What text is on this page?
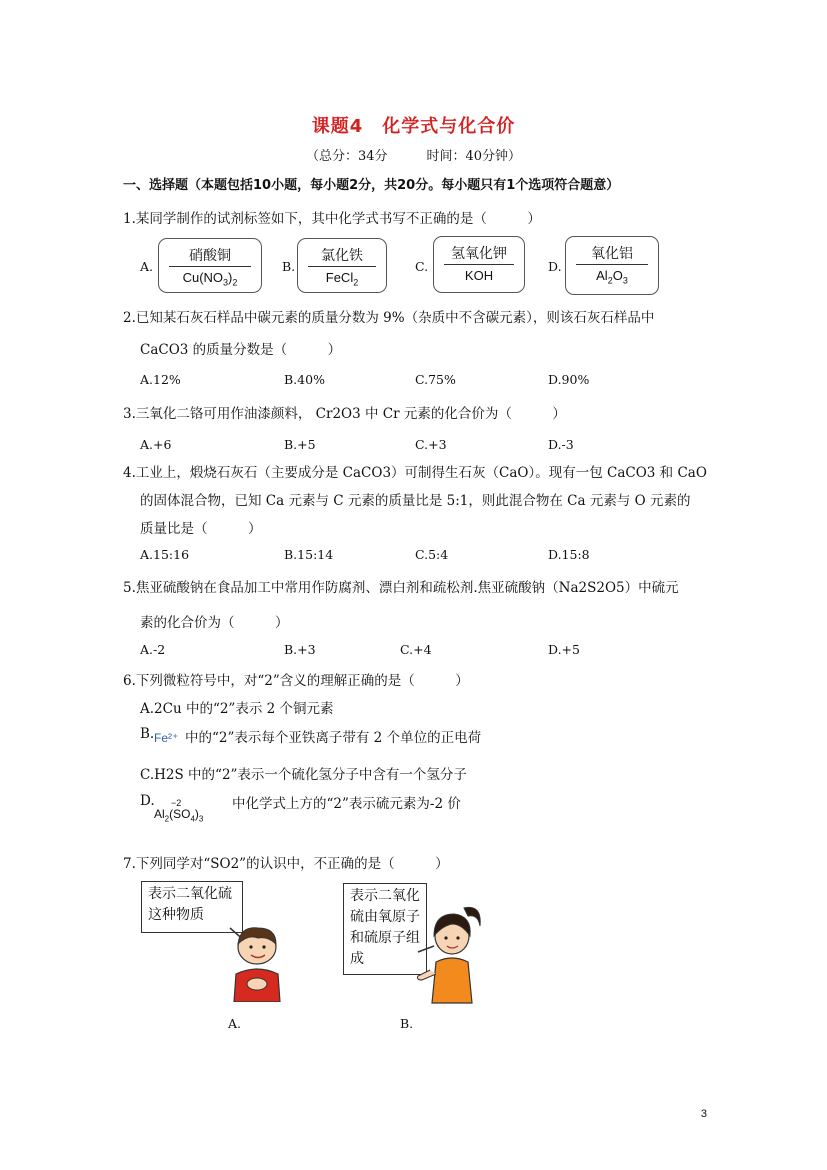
课题4　化学式与化合价
（总分：34分　　　时间：40分钟）
一、选择题（本题包括10小题，每小题2分，共20分。每小题只有1个选项符合题意）
1.某同学制作的试剂标签如下，其中化学式书写不正确的是（　　　）
A.
硝酸铜
$Cu(NO_3)_2$
B.
氯化铁
FeCl$_2$
C.
氢氧化钾
KOH
D.
氧化铝
$Al_2O_3$
2.已知某石灰石样品中碳元素的质量分数为 9%（杂质中不含碳元素），则该石灰石样品中
CaCO3 的质量分数是（　　　）
A.12%	B.40%	C.75%	D.90%
3.三氧化二铬可用作油漆颜料， Cr2O3 中 Cr 元素的化合价为（　　　）
A.+6	B.+5	C.+3	D.-3
4.工业上，煅烧石灰石（主要成分是 CaCO3）可制得生石灰（CaO）。现有一包 CaCO3 和 CaO
的固体混合物，已知 Ca 元素与 C 元素的质量比是 5:1，则此混合物在 Ca 元素与 O 元素的
质量比是（　　　）
A.15:16	B.15:14	C.5:4	D.15:8
5.焦亚硫酸钠在食品加工中常用作防腐剂、漂白剂和疏松剂.焦亚硫酸钠（Na2S2O5）中硫元
素的化合价为（　　　）
A.-2	B.+3	C.+4	D.+5
6.下列微粒符号中，对“2”含义的理解正确的是（　　　）
A.2Cu 中的“2”表示 2 个铜元素
B. Fe²⁺ 中的“2”表示每个亚铁离子带有 2 个单位的正电荷
C.H2S 中的“2”表示一个硫化氢分子中含有一个氢分子
D. −2
$Al_2(SO_4)_3$
中化学式上方的“2”表示硫元素为-2 价
7.下列同学对“SO2”的认识中，不正确的是（　　　）
表示二氧化硫这种物质
A.
表示二氧化硫由氧原子和硫原子组成
B.
3
